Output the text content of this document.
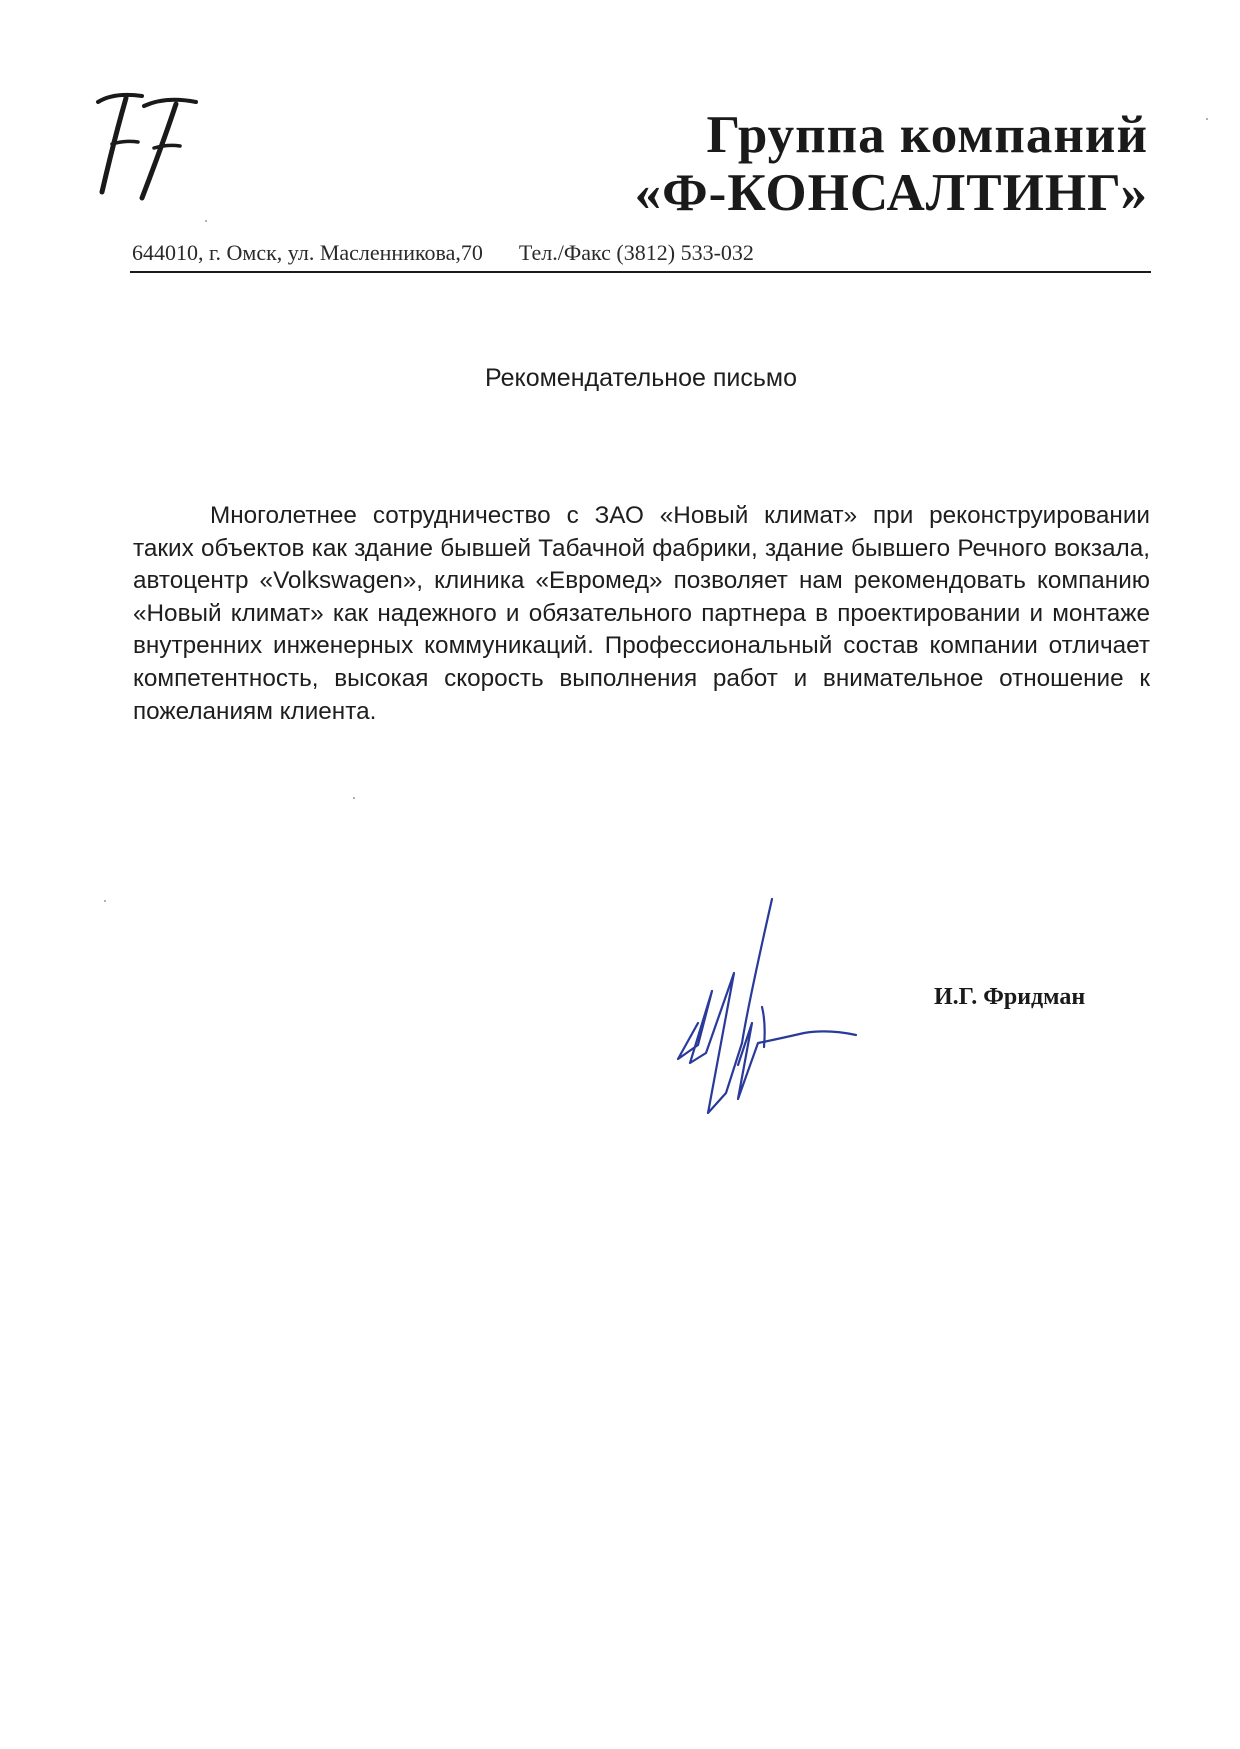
Группа компаний
«Ф-КОНСАЛТИНГ»
644010, г. Омск, ул. Масленникова,70 Тел./Факс (3812) 533-032
Рекомендательное письмо

Многолетнее сотрудничество с ЗАО «Новый климат» при реконструировании таких объектов как здание бывшей Табачной фабрики, здание бывшего Речного вокзала, автоцентр «Volkswagen», клиника «Евромед» позволяет нам рекомендовать компанию «Новый климат» как надежного и обязательного партнера в проектировании и монтаже внутренних инженерных коммуникаций. Профессиональный состав компании отличает компетентность, высокая скорость выполнения работ и внимательное отношение к пожеланиям клиента.

И.Г. Фридман
